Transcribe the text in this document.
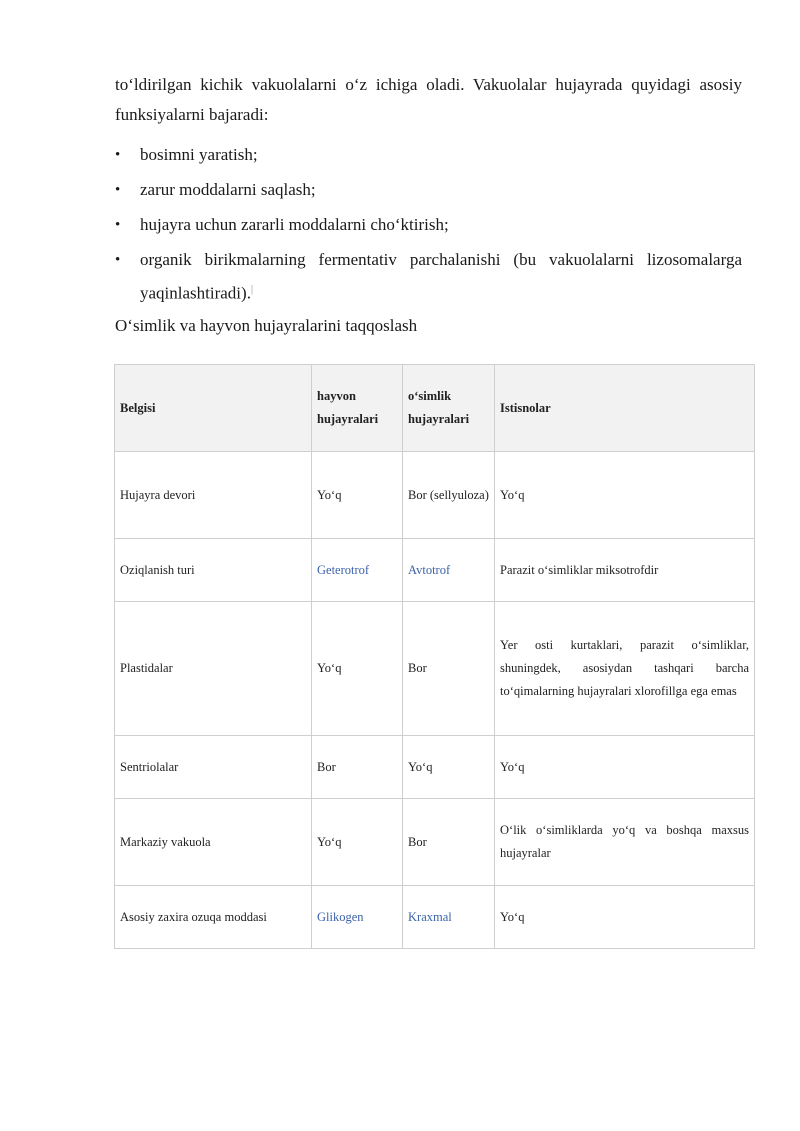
to‘ldirilgan kichik vakuolalarni o‘z ichiga oladi. Vakuolalar hujayrada quyidagi asosiy funksiyalarni bajaradi:

• bosimni yaratish;
• zarur moddalarni saqlash;
• hujayra uchun zararli moddalarni cho‘ktirish;
• organik birikmalarning fermentativ parchalanishi (bu vakuolalarni lizosomalarga yaqinlashtiradi).|

O‘simlik va hayvon hujayralarini taqqoslash

Belgisi	hayvon hujayralari	o‘simlik hujayralari	Istisnolar
Hujayra devori	Yo‘q	Bor (sellyuloza)	Yo‘q
Oziqlanish turi	Geterotrof	Avtotrof	Parazit o‘simliklar miksotrofdir
Plastidalar	Yo‘q	Bor	Yer osti kurtaklari, parazit o‘simliklar, shuningdek, asosiydan tashqari barcha to‘qimalarning hujayralari xlorofillga ega emas
Sentriolalar	Bor	Yo‘q	Yo‘q
Markaziy vakuola	Yo‘q	Bor	O‘lik o‘simliklarda yo‘q va boshqa maxsus hujayralar
Asosiy zaxira ozuqa moddasi	Glikogen	Kraxmal	Yo‘q
